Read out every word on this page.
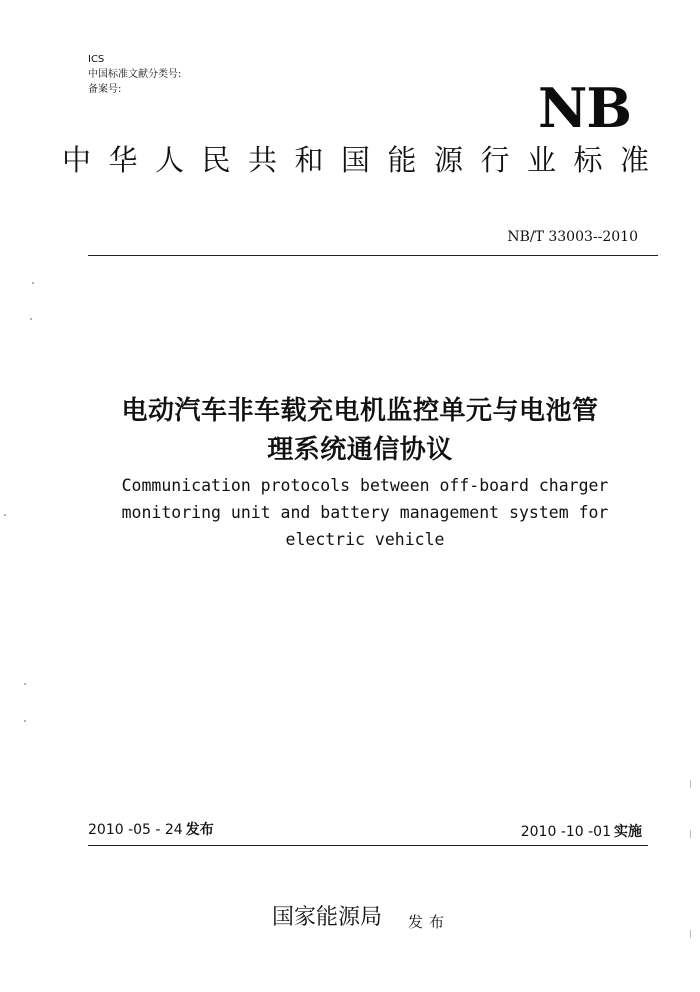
ICS
中国标准文献分类号:
备案号:	NB
中华人民共和国能源行业标准
NB/T 33003--2010
电动汽车非车载充电机监控单元与电池管
理系统通信协议
Communication protocols between off-board charger
monitoring unit and battery management system for
electric vehicle
2010 -05 - 24 发布	2010 -10 -01 实施
国家能源局 发布
